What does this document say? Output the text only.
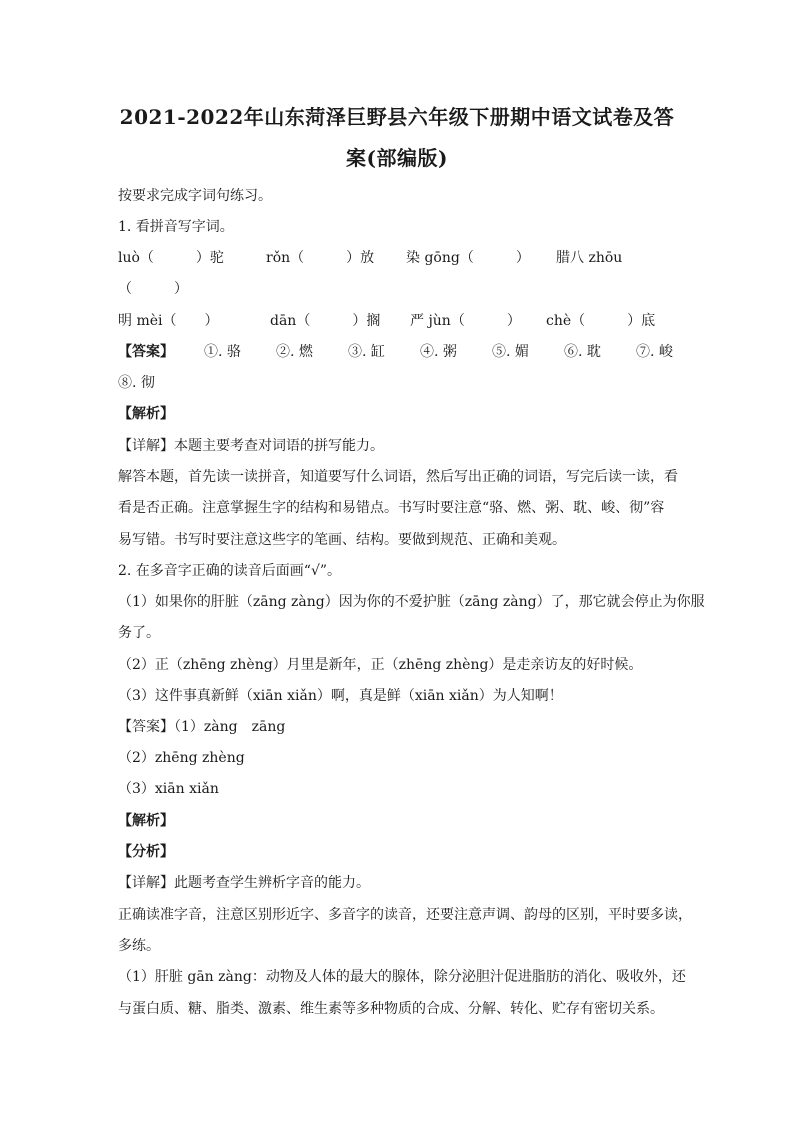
2021-2022年山东菏泽巨野县六年级下册期中语文试卷及答
案(部编版)
按要求完成字词句练习。
1. 看拼音写字词。
luò（　　　）驼	rǒn（　　　）放 染 gōng（　　　） 腊八 zhōu
（　　　）
明 mèi（　　）	dān（　　　）搁 严 jùn（　　　） chè（　　　）底
【答案】 ①. 骆	②. 燃	③. 缸	④. 粥	⑤. 媚	⑥. 耽	⑦. 峻
⑧. 彻
【解析】
【详解】本题主要考查对词语的拼写能力。
解答本题，首先读一读拼音，知道要写什么词语，然后写出正确的词语，写完后读一读，看
看是否正确。注意掌握生字的结构和易错点。书写时要注意“骆、燃、粥、耽、峻、彻”容
易写错。书写时要注意这些字的笔画、结构。要做到规范、正确和美观。
2. 在多音字正确的读音后面画“√”。
（1）如果你的肝脏（zāng zàng）因为你的不爱护脏（zāng zàng）了，那它就会停止为你服
务了。
（2）正（zhēng zhèng）月里是新年，正（zhēng zhèng）是走亲访友的好时候。
（3）这件事真新鲜（xiān xiǎn）啊，真是鲜（xiān xiǎn）为人知啊！
【答案】（1）zàng　zāng
（2）zhēng zhèng
（3）xiān xiǎn
【解析】
【分析】
【详解】此题考查学生辨析字音的能力。
正确读准字音，注意区别形近字、多音字的读音，还要注意声调、韵母的区别，平时要多读，
多练。
（1）肝脏 gān zàng：动物及人体的最大的腺体，除分泌胆汁促进脂肪的消化、吸收外，还
与蛋白质、糖、脂类、激素、维生素等多种物质的合成、分解、转化、贮存有密切关系。
